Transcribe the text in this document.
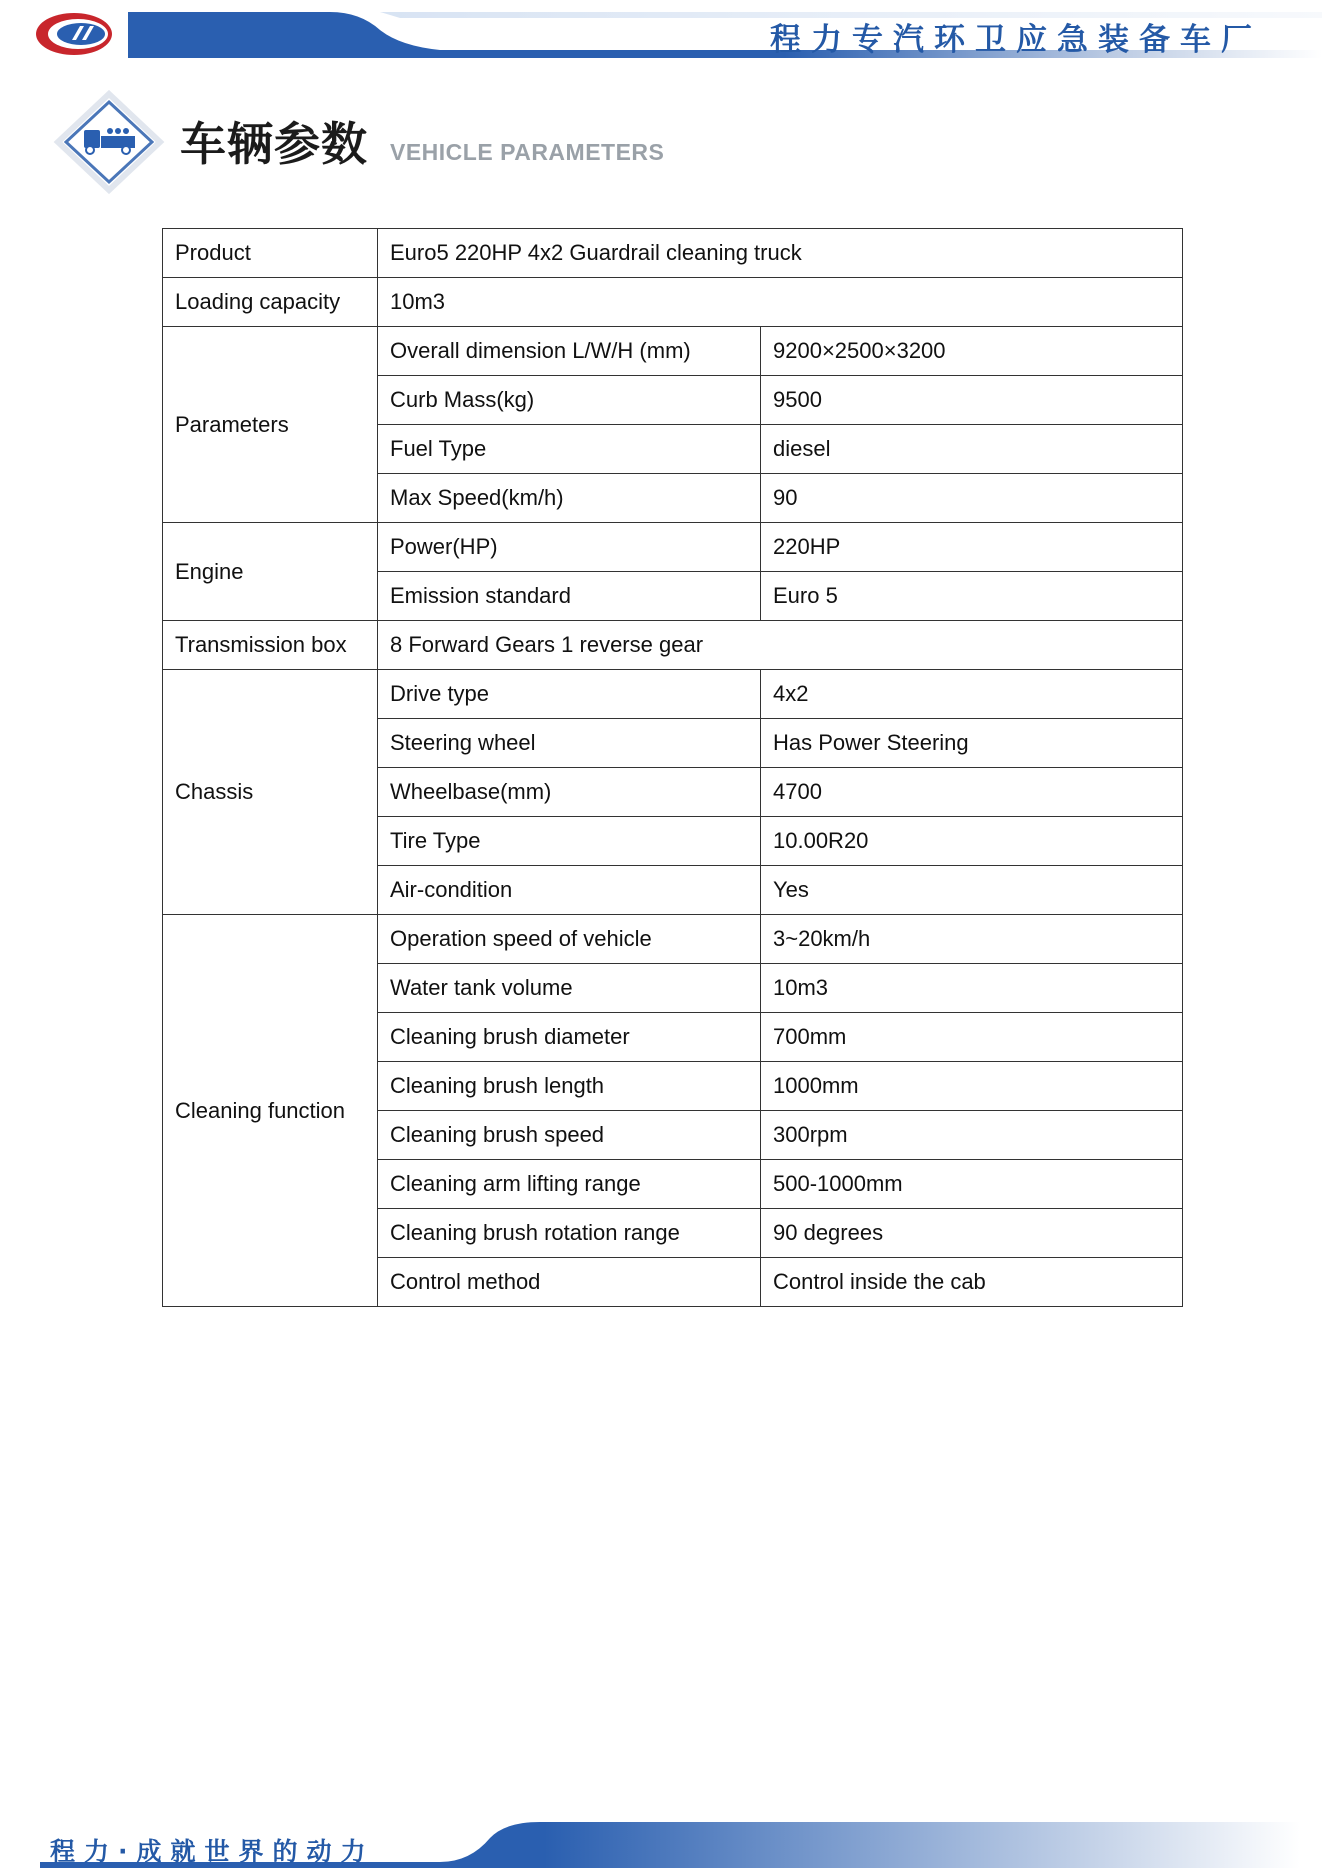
程力专汽环卫应急装备车厂
车辆参数 VEHICLE PARAMETERS
Product	Euro5 220HP 4x2 Guardrail cleaning truck	
Loading capacity	10m3	
Parameters	Overall dimension L/W/H (mm)	9200×2500×3200
	Curb Mass(kg)	9500
	Fuel Type	diesel
	Max Speed(km/h)	90
Engine	Power(HP)	220HP
	Emission standard	Euro 5
Transmission box	8 Forward Gears 1 reverse gear	
Chassis	Drive type	4x2
	Steering wheel	Has Power Steering
	Wheelbase(mm)	4700
	Tire Type	10.00R20
	Air-condition	Yes
Cleaning function	Operation speed of vehicle	3~20km/h
	Water tank volume	10m3
	Cleaning brush diameter	700mm
	Cleaning brush length	1000mm
	Cleaning brush speed	300rpm
	Cleaning arm lifting range	500-1000mm
	Cleaning brush rotation range	90 degrees
	Control method	Control inside the cab
程力·成就世界的动力
